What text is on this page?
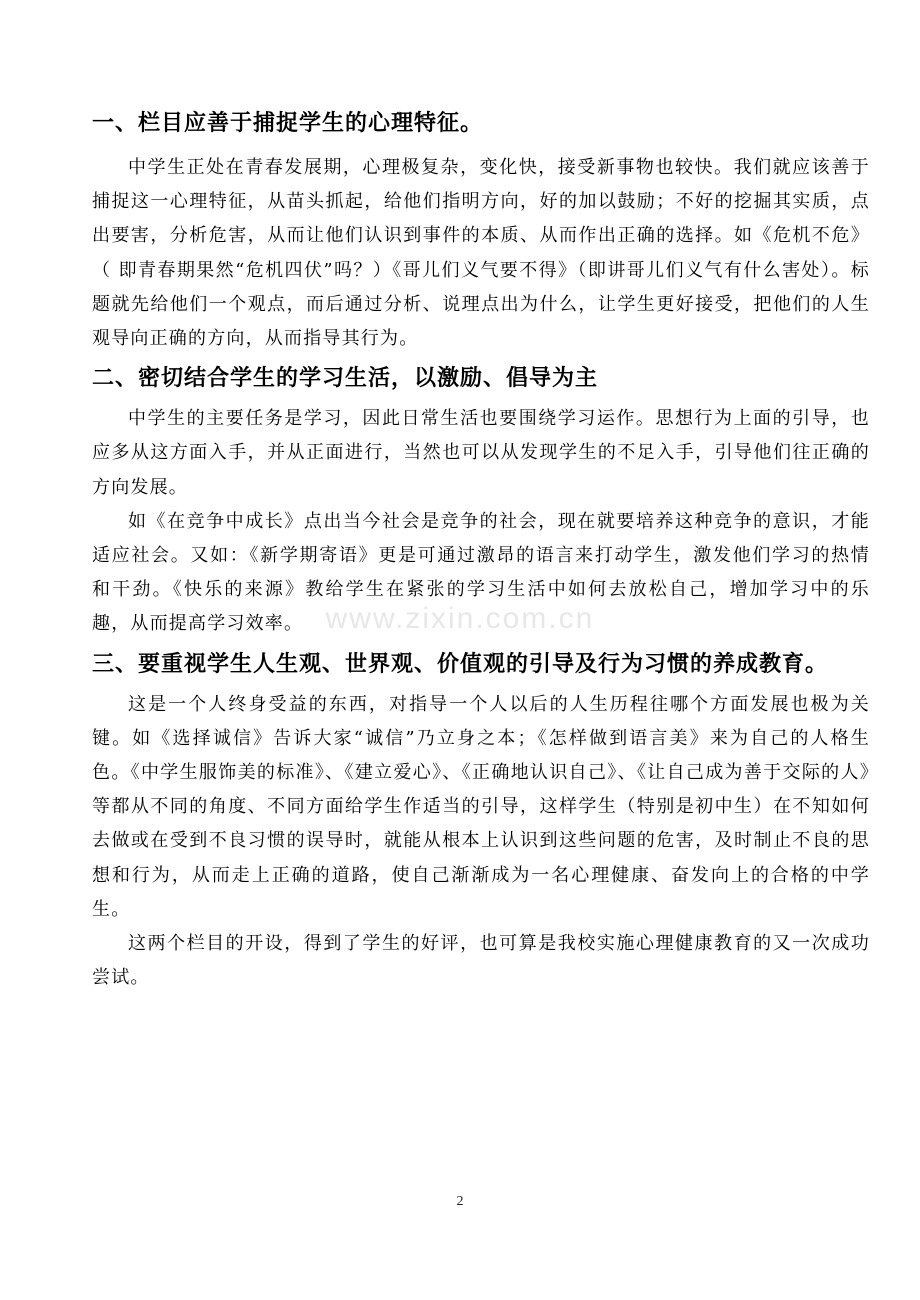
一、栏目应善于捕捉学生的心理特征。

中学生正处在青春发展期，心理极复杂，变化快，接受新事物也较快。我们就应该善于捕捉这一心理特征，从苗头抓起，给他们指明方向，好的加以鼓励；不好的挖掘其实质，点出要害，分析危害，从而让他们认识到事件的本质、从而作出正确的选择。如《危机不危》（ 即青春期果然“危机四伏”吗？）《哥儿们义气要不得》（即讲哥儿们义气有什么害处）。标题就先给他们一个观点，而后通过分析、说理点出为什么，让学生更好接受，把他们的人生观导向正确的方向，从而指导其行为。

二、密切结合学生的学习生活，以激励、倡导为主

中学生的主要任务是学习，因此日常生活也要围绕学习运作。思想行为上面的引导，也应多从这方面入手，并从正面进行，当然也可以从发现学生的不足入手，引导他们往正确的方向发展。

如《在竞争中成长》点出当今社会是竞争的社会，现在就要培养这种竞争的意识，才能适应社会。又如：《新学期寄语》更是可通过激昂的语言来打动学生，激发他们学习的热情和干劲。《快乐的来源》教给学生在紧张的学习生活中如何去放松自己，增加学习中的乐趣，从而提高学习效率。

三、要重视学生人生观、世界观、价值观的引导及行为习惯的养成教育。

这是一个人终身受益的东西，对指导一个人以后的人生历程往哪个方面发展也极为关键。如《选择诚信》告诉大家“诚信”乃立身之本；《怎样做到语言美》来为自己的人格生色。《中学生服饰美的标准》、《建立爱心》、《正确地认识自己》、《让自己成为善于交际的人》等都从不同的角度、不同方面给学生作适当的引导，这样学生（特别是初中生）在不知如何去做或在受到不良习惯的误导时，就能从根本上认识到这些问题的危害，及时制止不良的思想和行为，从而走上正确的道路，使自己渐渐成为一名心理健康、奋发向上的合格的中学生。

这两个栏目的开设，得到了学生的好评，也可算是我校实施心理健康教育的又一次成功尝试。

www.zixin.com.cn
2
